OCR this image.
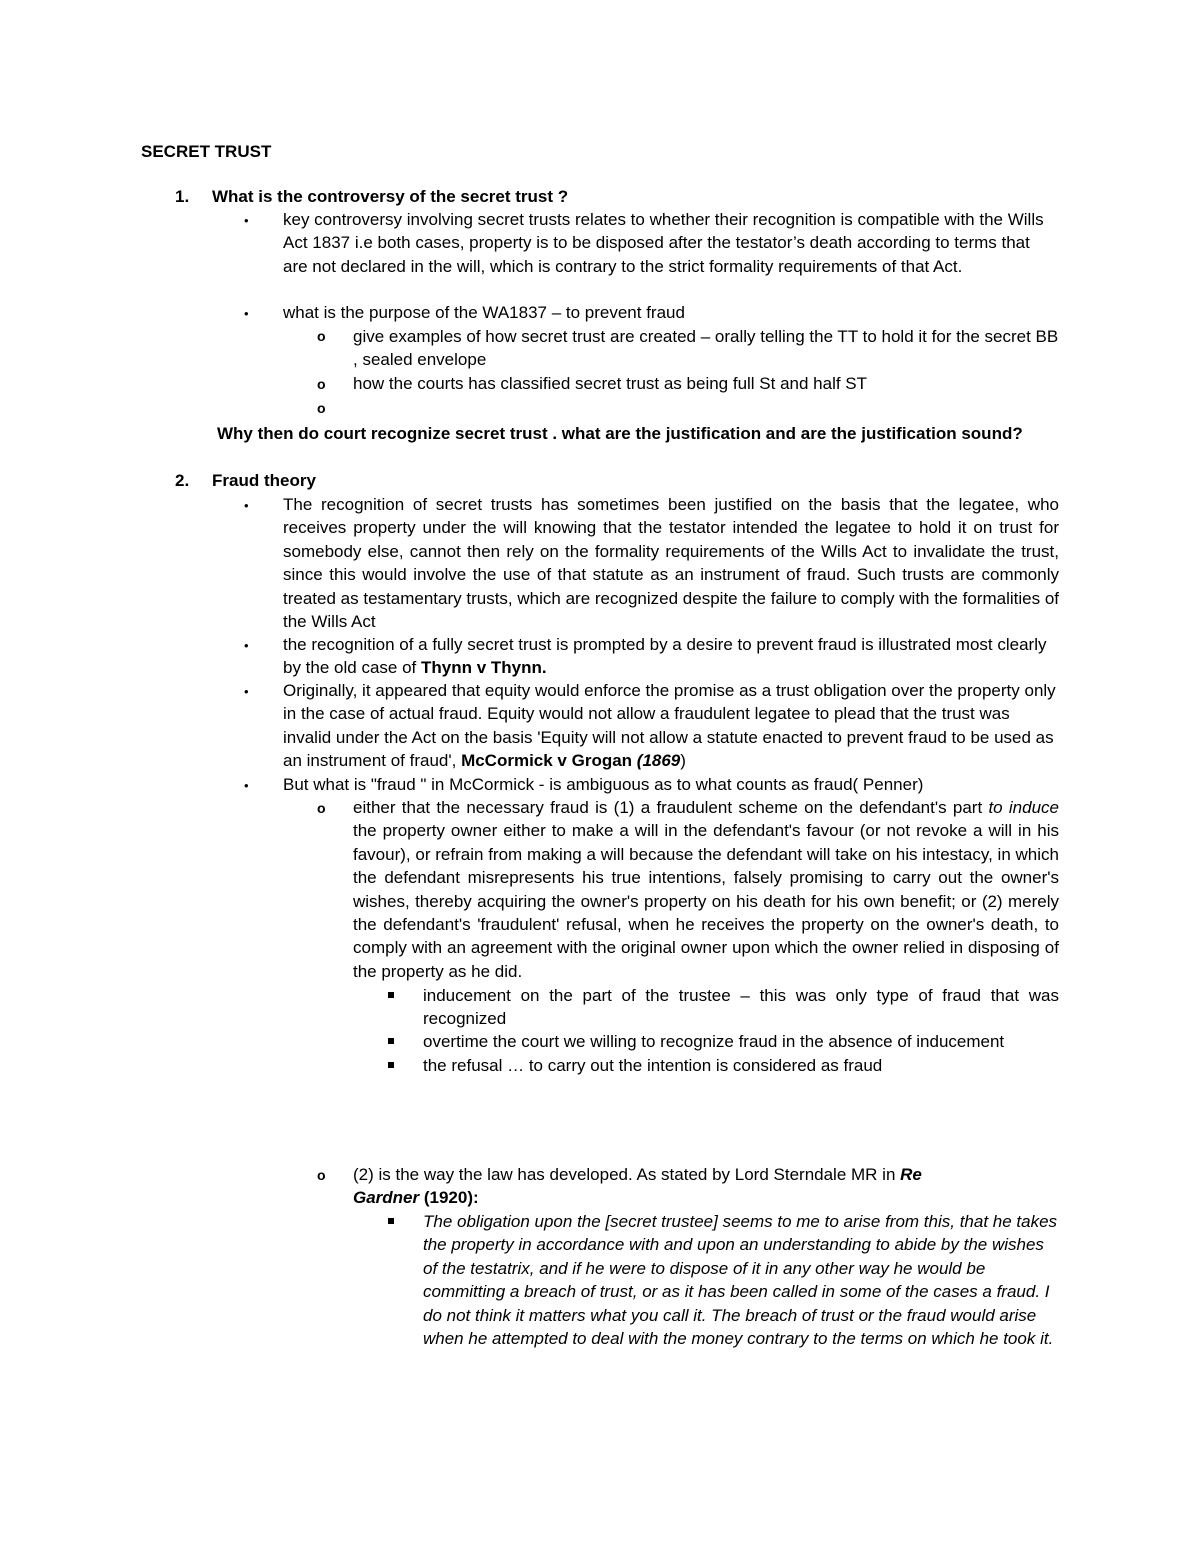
SECRET TRUST
1. What is the controversy of the secret trust ?
• key controversy involving secret trusts relates to whether their recognition is compatible with the Wills Act 1837 i.e both cases, property is to be disposed after the testator’s death according to terms that are not declared in the will, which is contrary to the strict formality requirements of that Act.

• what is the purpose of the WA1837 – to prevent fraud

o give examples of how secret trust are created – orally telling the TT to hold it for the secret BB , sealed envelope

o how the courts has classified secret trust as being full St and half ST

o

Why then do court recognize secret trust . what are the justification and are the justification sound?
2. Fraud theory
• The recognition of secret trusts has sometimes been justified on the basis that the legatee, who receives property under the will knowing that the testator intended the legatee to hold it on trust for somebody else, cannot then rely on the formality requirements of the Wills Act to invalidate the trust, since this would involve the use of that statute as an instrument of fraud. Such trusts are commonly treated as testamentary trusts, which are recognized despite the failure to comply with the formalities of the Wills Act

• the recognition of a fully secret trust is prompted by a desire to prevent fraud is illustrated most clearly by the old case of Thynn v Thynn.

• Originally, it appeared that equity would enforce the promise as a trust obligation over the property only in the case of actual fraud. Equity would not allow a fraudulent legatee to plead that the trust was invalid under the Act on the basis 'Equity will not allow a statute enacted to prevent fraud to be used as an instrument of fraud', McCormick v Grogan (1869)

• But what is "fraud " in McCormick - is ambiguous as to what counts as fraud( Penner)

o either that the necessary fraud is (1) a fraudulent scheme on the defendant's part to induce the property owner either to make a will in the defendant's favour (or not revoke a will in his favour), or refrain from making a will because the defendant will take on his intestacy, in which the defendant misrepresents his true intentions, falsely promising to carry out the owner's wishes, thereby acquiring the owner's property on his death for his own benefit; or (2) merely the defendant's 'fraudulent' refusal, when he receives the property on the owner's death, to comply with an agreement with the original owner upon which the owner relied in disposing of the property as he did.

inducement on the part of the trustee – this was only type of fraud that was recognized

overtime the court we willing to recognize fraud in the absence of inducement

the refusal … to carry out the intention is considered as fraud

o (2) is the way the law has developed. As stated by Lord Sterndale MR in Re Gardner (1920):

The obligation upon the [secret trustee] seems to me to arise from this, that he takes the property in accordance with and upon an understanding to abide by the wishes of the testatrix, and if he were to dispose of it in any other way he would be committing a breach of trust, or as it has been called in some of the cases a fraud. I do not think it matters what you call it. The breach of trust or the fraud would arise when he attempted to deal with the money contrary to the terms on which he took it.
